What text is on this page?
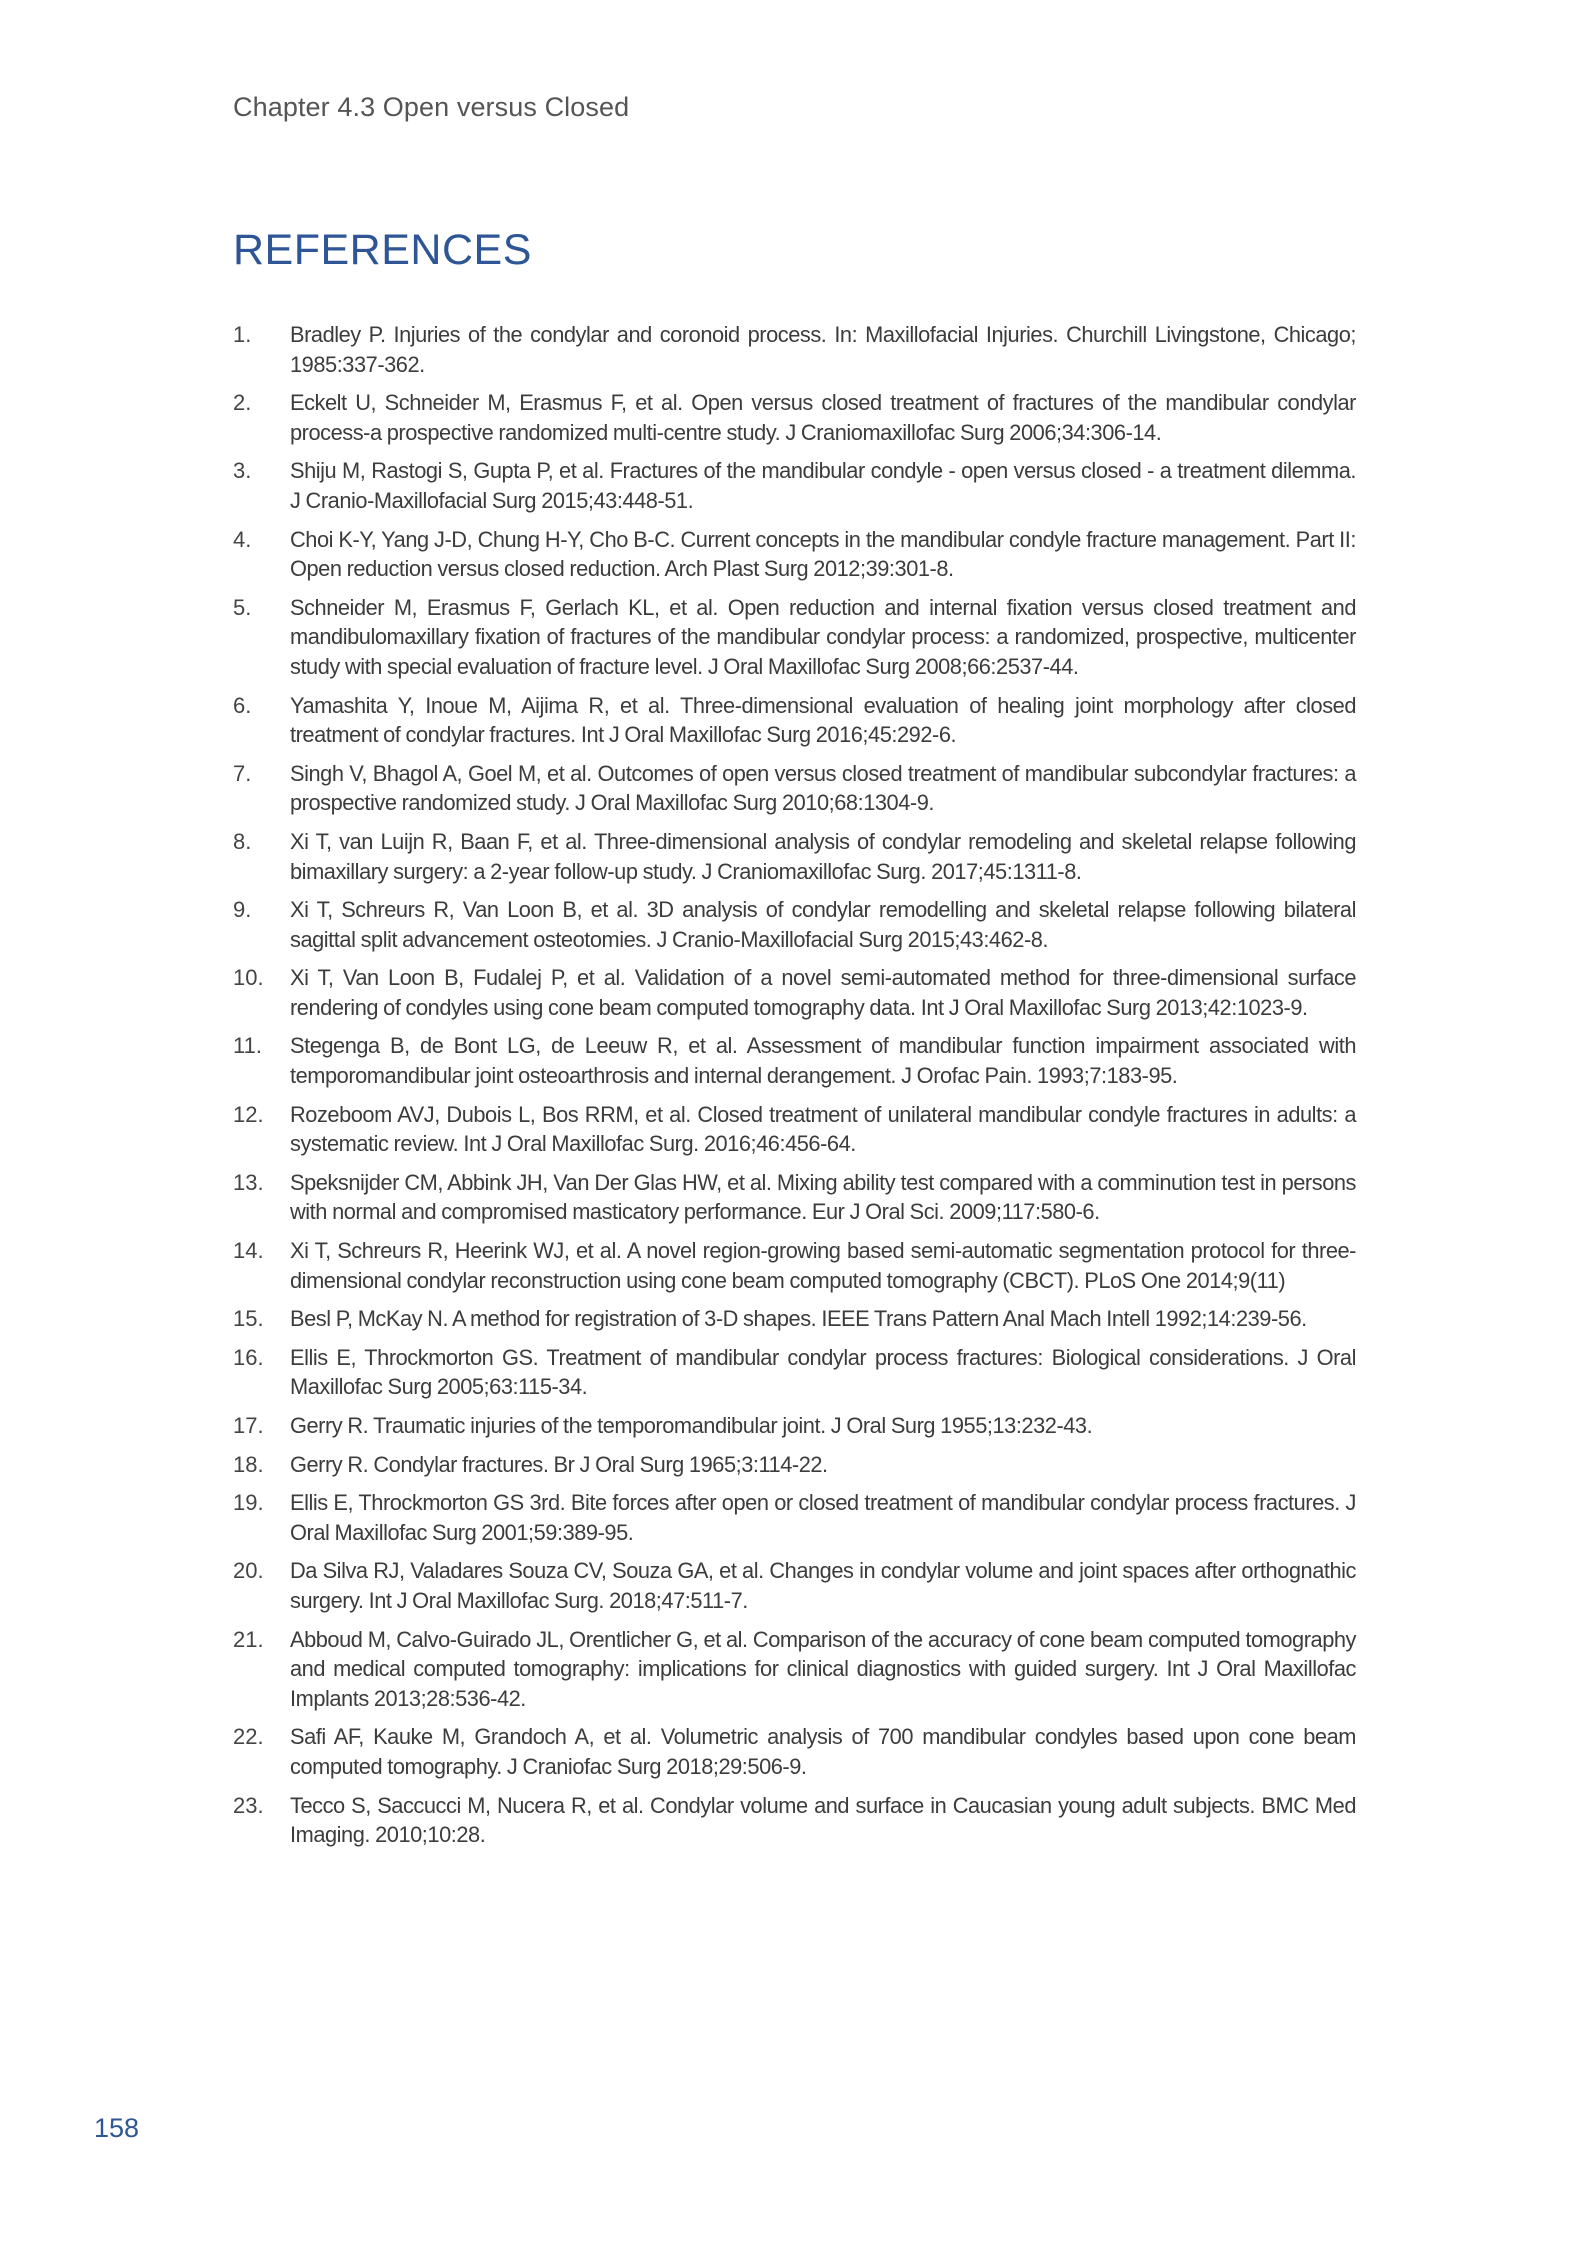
Chapter 4.3 Open versus Closed
REFERENCES
1.	Bradley P. Injuries of the condylar and coronoid process. In: Maxillofacial Injuries. Churchill Livingstone, Chicago; 1985:337-362.
2.	Eckelt U, Schneider M, Erasmus F, et al. Open versus closed treatment of fractures of the mandibular condylar process-a prospective randomized multi-centre study. J Craniomaxillofac Surg 2006;34:306-14.
3.	Shiju M, Rastogi S, Gupta P, et al. Fractures of the mandibular condyle - open versus closed - a treatment dilemma. J Cranio-Maxillofacial Surg 2015;43:448-51.
4.	Choi K-Y, Yang J-D, Chung H-Y, Cho B-C. Current concepts in the mandibular condyle fracture management. Part II: Open reduction versus closed reduction. Arch Plast Surg 2012;39:301-8.
5.	Schneider M, Erasmus F, Gerlach KL, et al. Open reduction and internal fixation versus closed treatment and mandibulomaxillary fixation of fractures of the mandibular condylar process: a randomized, prospective, multicenter study with special evaluation of fracture level. J Oral Maxillofac Surg 2008;66:2537-44.
6.	Yamashita Y, Inoue M, Aijima R, et al. Three-dimensional evaluation of healing joint morphology after closed treatment of condylar fractures. Int J Oral Maxillofac Surg 2016;45:292-6.
7.	Singh V, Bhagol A, Goel M, et al. Outcomes of open versus closed treatment of mandibular subcondylar fractures: a prospective randomized study. J Oral Maxillofac Surg 2010;68:1304-9.
8.	Xi T, van Luijn R, Baan F, et al. Three-dimensional analysis of condylar remodeling and skeletal relapse following bimaxillary surgery: a 2-year follow-up study. J Craniomaxillofac Surg. 2017;45:1311-8.
9.	Xi T, Schreurs R, Van Loon B, et al. 3D analysis of condylar remodelling and skeletal relapse following bilateral sagittal split advancement osteotomies. J Cranio-Maxillofacial Surg 2015;43:462-8.
10.	Xi T, Van Loon B, Fudalej P, et al. Validation of a novel semi-automated method for three-dimensional surface rendering of condyles using cone beam computed tomography data. Int J Oral Maxillofac Surg 2013;42:1023-9.
11.	Stegenga B, de Bont LG, de Leeuw R, et al. Assessment of mandibular function impairment associated with temporomandibular joint osteoarthrosis and internal derangement. J Orofac Pain. 1993;7:183-95.
12.	Rozeboom AVJ, Dubois L, Bos RRM, et al. Closed treatment of unilateral mandibular condyle fractures in adults: a systematic review. Int J Oral Maxillofac Surg. 2016;46:456-64.
13.	Speksnijder CM, Abbink JH, Van Der Glas HW, et al. Mixing ability test compared with a comminution test in persons with normal and compromised masticatory performance. Eur J Oral Sci. 2009;117:580-6.
14.	Xi T, Schreurs R, Heerink WJ, et al. A novel region-growing based semi-automatic segmentation protocol for three-dimensional condylar reconstruction using cone beam computed tomography (CBCT). PLoS One 2014;9(11)
15.	Besl P, McKay N. A method for registration of 3-D shapes. IEEE Trans Pattern Anal Mach Intell 1992;14:239-56.
16.	Ellis E, Throckmorton GS. Treatment of mandibular condylar process fractures: Biological considerations. J Oral Maxillofac Surg 2005;63:115-34.
17.	Gerry R. Traumatic injuries of the temporomandibular joint. J Oral Surg 1955;13:232-43.
18.	Gerry R. Condylar fractures. Br J Oral Surg 1965;3:114-22.
19.	Ellis E, Throckmorton GS 3rd. Bite forces after open or closed treatment of mandibular condylar process fractures. J Oral Maxillofac Surg 2001;59:389-95.
20.	Da Silva RJ, Valadares Souza CV, Souza GA, et al. Changes in condylar volume and joint spaces after orthognathic surgery. Int J Oral Maxillofac Surg. 2018;47:511-7.
21.	Abboud M, Calvo-Guirado JL, Orentlicher G, et al. Comparison of the accuracy of cone beam computed tomography and medical computed tomography: implications for clinical diagnostics with guided surgery. Int J Oral Maxillofac Implants 2013;28:536-42.
22.	Safi AF, Kauke M, Grandoch A, et al. Volumetric analysis of 700 mandibular condyles based upon cone beam computed tomography. J Craniofac Surg 2018;29:506-9.
23.	Tecco S, Saccucci M, Nucera R, et al. Condylar volume and surface in Caucasian young adult subjects. BMC Med Imaging. 2010;10:28.
158
